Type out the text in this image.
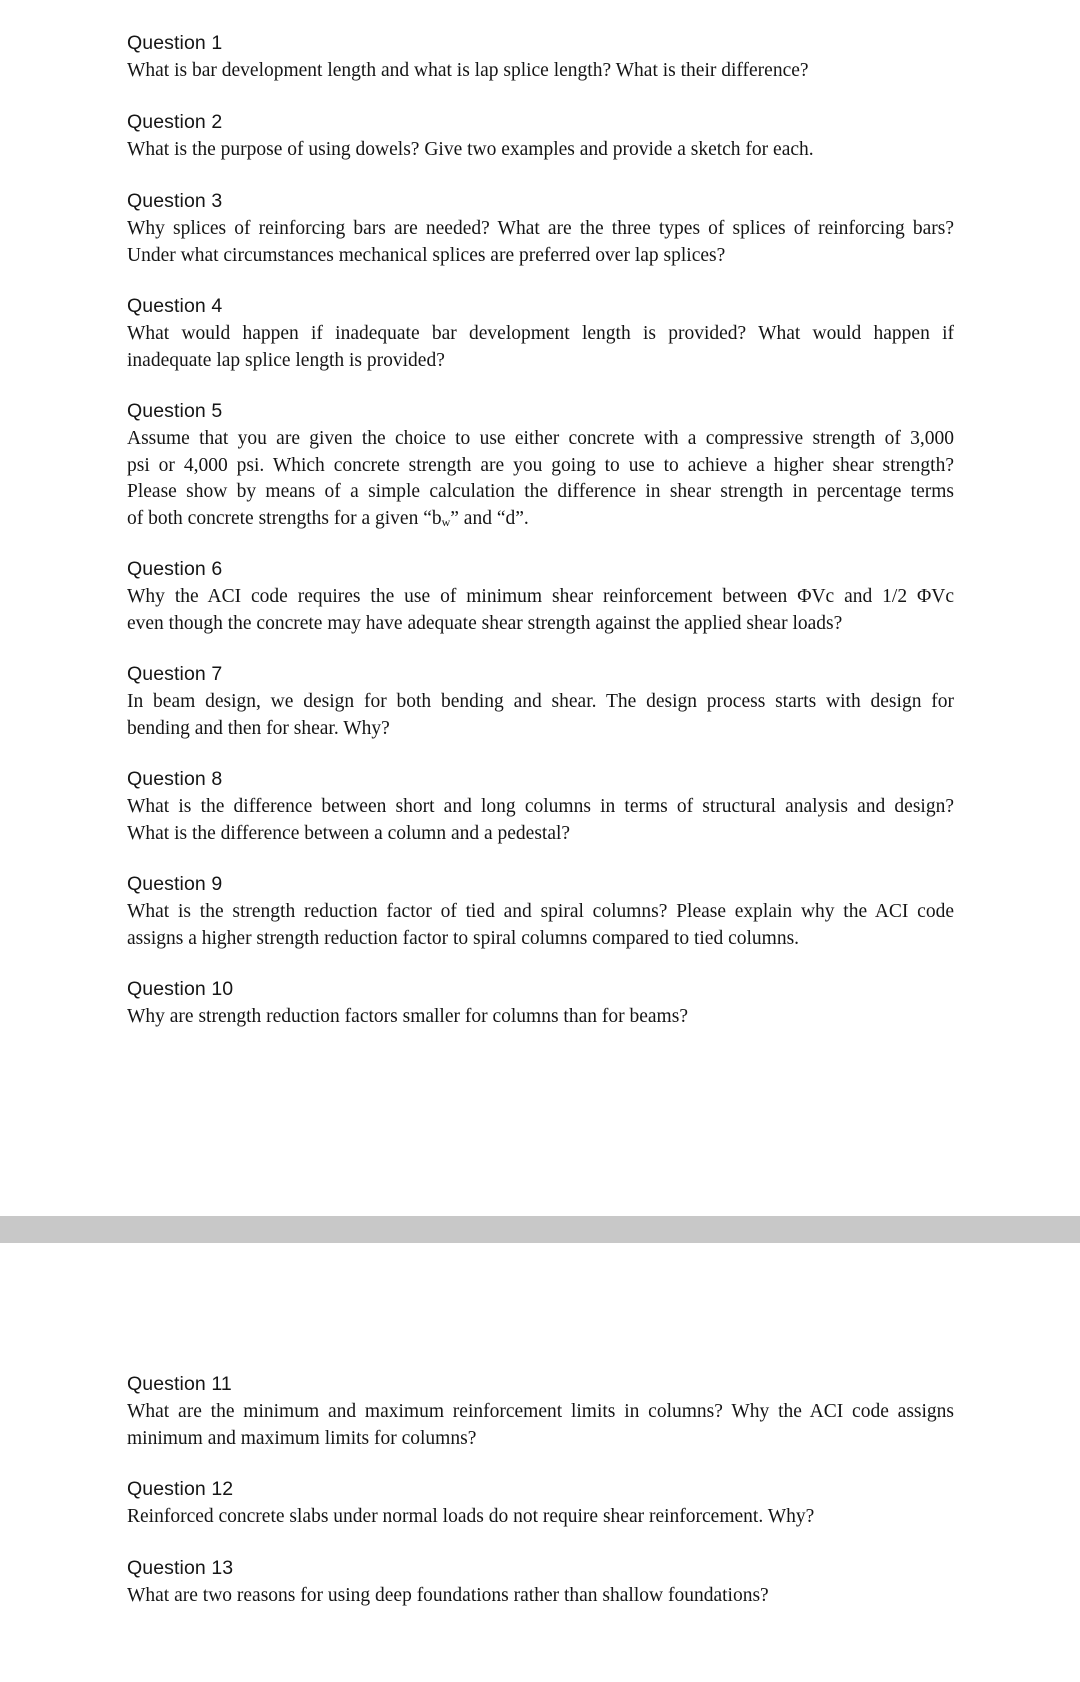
Question 1
What is bar development length and what is lap splice length? What is their difference?
Question 2
What is the purpose of using dowels? Give two examples and provide a sketch for each.
Question 3
Why splices of reinforcing bars are needed? What are the three types of splices of reinforcing bars?
Under what circumstances mechanical splices are preferred over lap splices?
Question 4
What would happen if inadequate bar development length is provided? What would happen if
inadequate lap splice length is provided?
Question 5
Assume that you are given the choice to use either concrete with a compressive strength of 3,000
psi or 4,000 psi. Which concrete strength are you going to use to achieve a higher shear strength?
Please show by means of a simple calculation the difference in shear strength in percentage terms
of both concrete strengths for a given “bw” and “d”.
Question 6
Why the ACI code requires the use of minimum shear reinforcement between ΦVc and 1/2 ΦVc
even though the concrete may have adequate shear strength against the applied shear loads?
Question 7
In beam design, we design for both bending and shear. The design process starts with design for
bending and then for shear. Why?
Question 8
What is the difference between short and long columns in terms of structural analysis and design?
What is the difference between a column and a pedestal?
Question 9
What is the strength reduction factor of tied and spiral columns? Please explain why the ACI code
assigns a higher strength reduction factor to spiral columns compared to tied columns.
Question 10
Why are strength reduction factors smaller for columns than for beams?
Question 11
What are the minimum and maximum reinforcement limits in columns? Why the ACI code assigns
minimum and maximum limits for columns?
Question 12
Reinforced concrete slabs under normal loads do not require shear reinforcement. Why?
Question 13
What are two reasons for using deep foundations rather than shallow foundations?
